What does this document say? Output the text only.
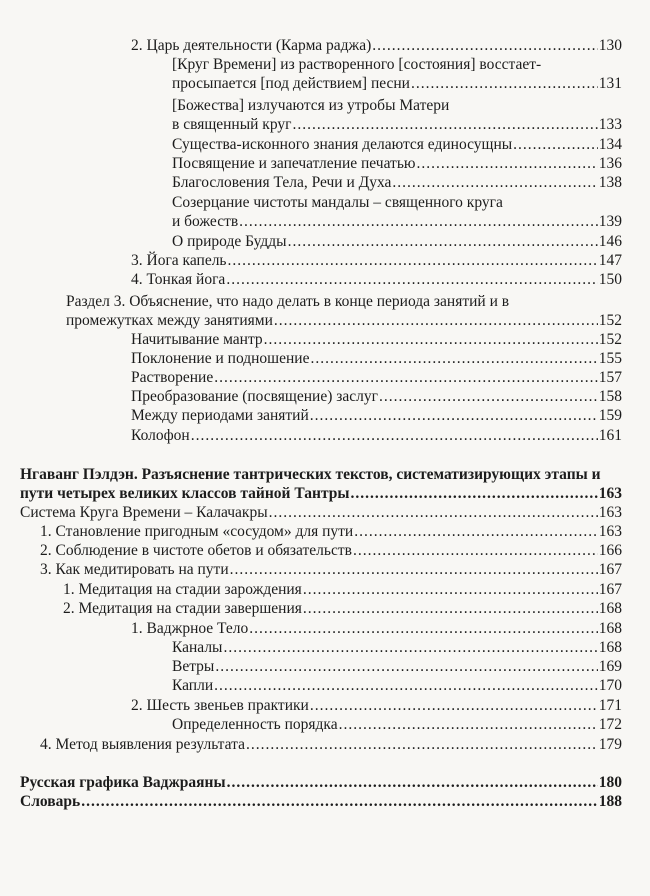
2. Царь деятельности (Карма раджа) .....	130
[Круг Времени] из растворенного [состояния] восстает-
просыпается [под действием] песни .....	131
[Божества] излучаются из утробы Матери
в священный круг .....	133
Существа-исконного знания делаются единосущны .....	134
Посвящение и запечатление печатью .....	136
Благословения Тела, Речи и Духа .....	138
Созерцание чистоты мандалы – священного круга
и божеств .....	139
О природе Будды .....	146
3. Йога капель .....	147
4. Тонкая йога .....	150
Раздел 3. Объяснение, что надо делать в конце периода занятий и в
промежутках между занятиями .....	152
Начитывание мантр .....	152
Поклонение и подношение .....	155
Растворение .....	157
Преобразование (посвящение) заслуг .....	158
Между периодами занятий .....	159
Колофон .....	161
Нгаванг Пэлдэн. Разъяснение тантрических текстов, систематизирующих этапы и
пути четырех великих классов тайной Тантры .....	163
Система Круга Времени – Калачакры .....	163
1. Становление пригодным «сосудом» для пути .....	163
2. Соблюдение в чистоте обетов и обязательств .....	166
3. Как медитировать на пути .....	167
1. Медитация на стадии зарождения .....	167
2. Медитация на стадии завершения .....	168
1. Ваджрное Тело .....	168
Каналы .....	168
Ветры .....	169
Капли .....	170
2. Шесть звеньев практики .....	171
Определенность порядка .....	172
4. Метод выявления результата .....	179
Русская графика Ваджраяны .....	180
Словарь .....	188
